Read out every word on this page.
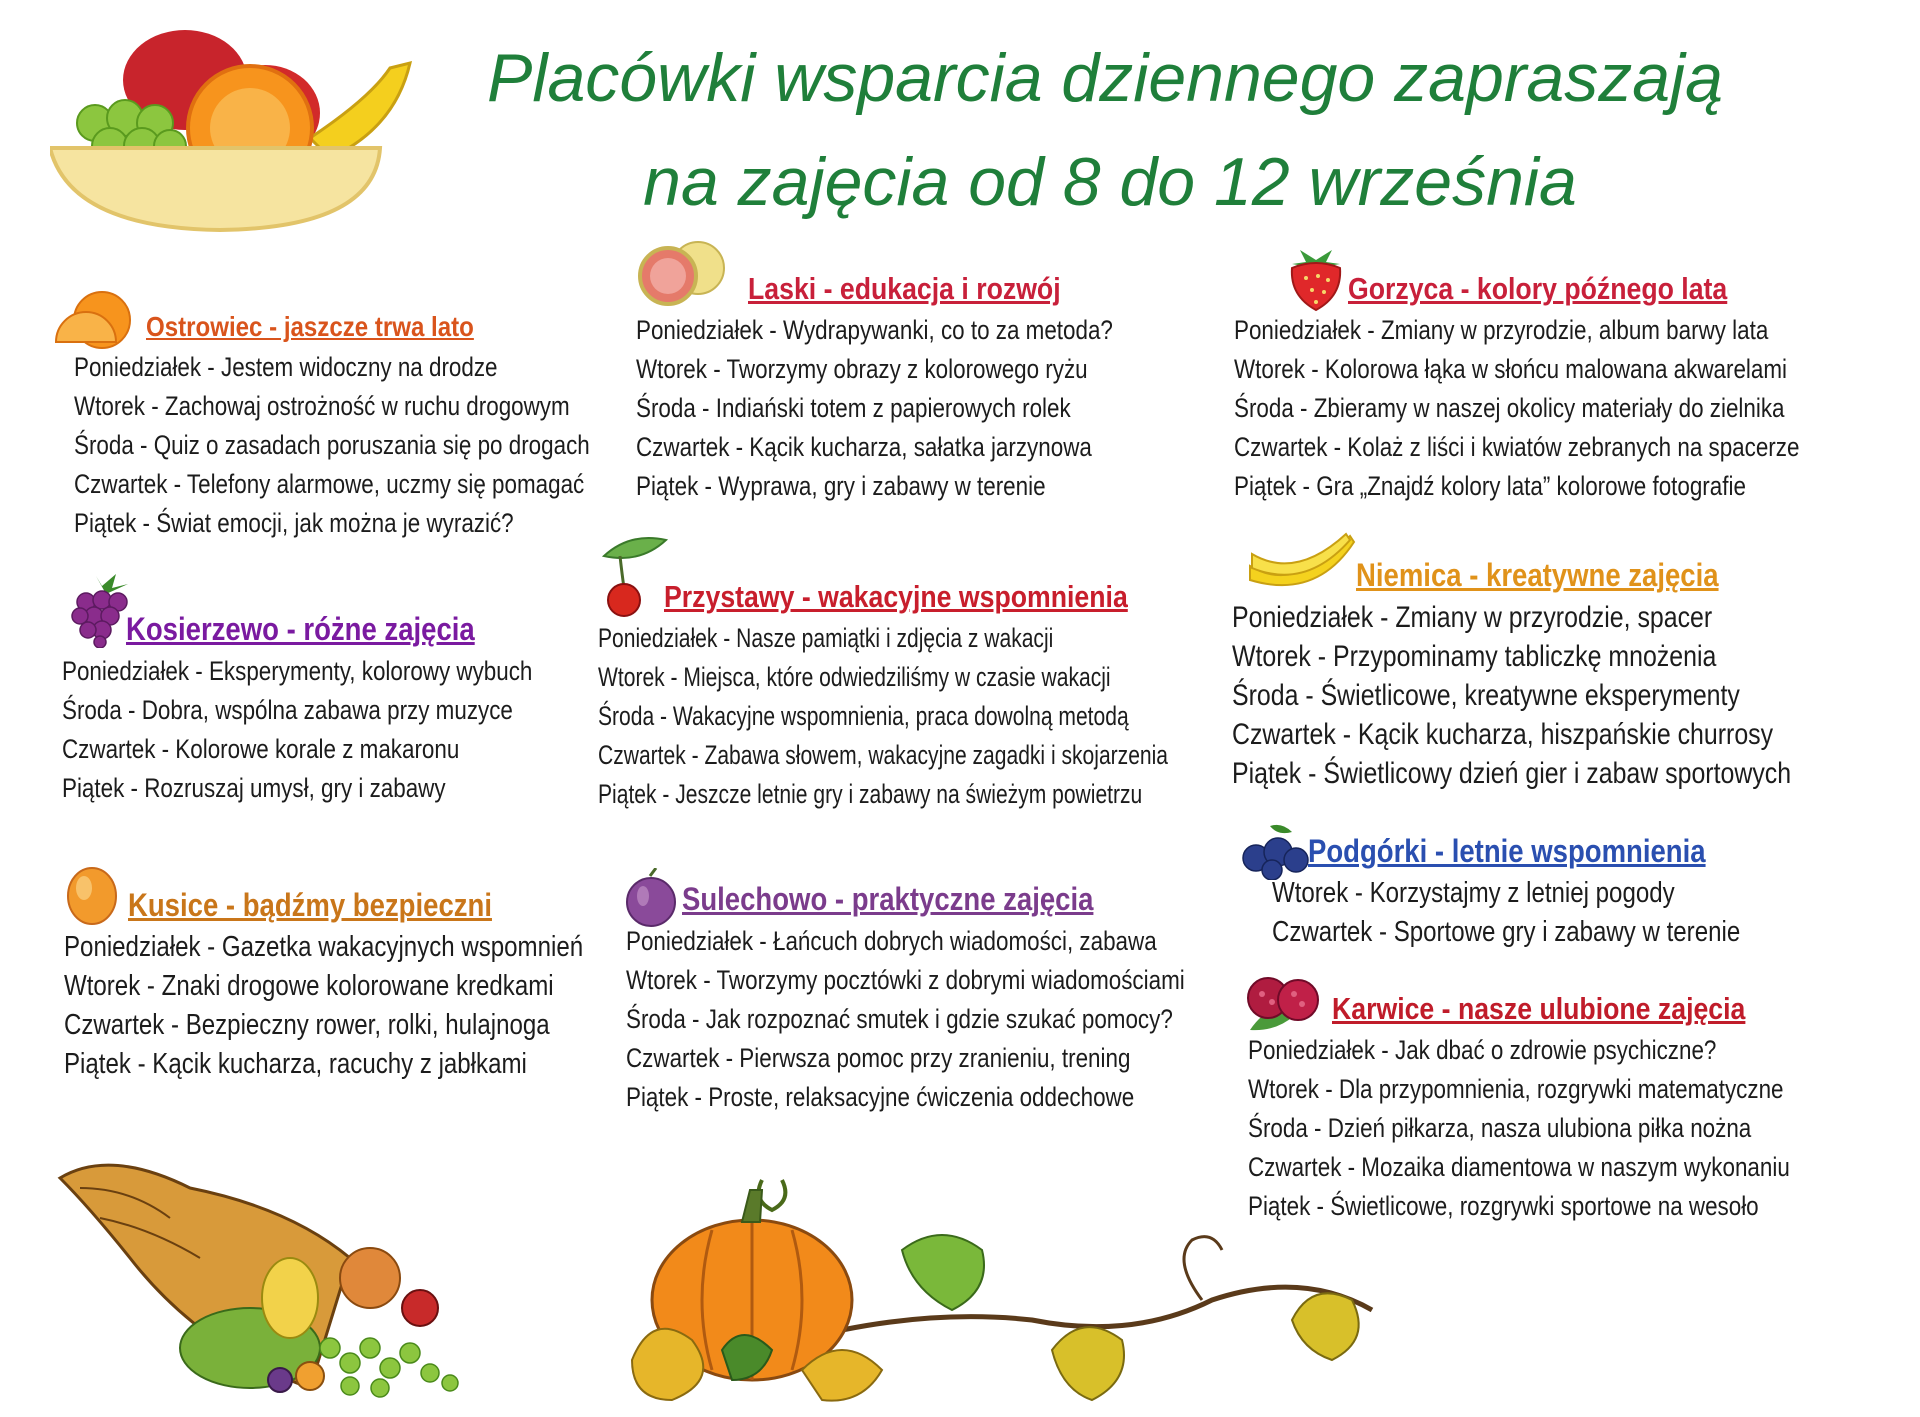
Placówki wsparcia dziennego zapraszają
na zajęcia od 8 do 12 września
Ostrowiec - jaszcze trwa lato
Poniedziałek - Jestem widoczny na drodze
Wtorek - Zachowaj ostrożność w ruchu drogowym
Środa - Quiz o zasadach poruszania się po drogach
Czwartek - Telefony alarmowe, uczmy się pomagać
Piątek - Świat emocji, jak można je wyrazić?
Kosierzewo - różne zajęcia
Poniedziałek - Eksperymenty, kolorowy wybuch
Środa - Dobra, wspólna zabawa przy muzyce
Czwartek - Kolorowe korale z makaronu
Piątek - Rozruszaj umysł, gry i zabawy
Kusice - bądźmy bezpieczni
Poniedziałek - Gazetka wakacyjnych wspomnień
Wtorek - Znaki drogowe kolorowane kredkami
Czwartek - Bezpieczny rower, rolki, hulajnoga
Piątek - Kącik kucharza, racuchy z jabłkami
Laski - edukacja i rozwój
Poniedziałek - Wydrapywanki, co to za metoda?
Wtorek - Tworzymy obrazy z kolorowego ryżu
Środa - Indiański totem z papierowych rolek
Czwartek - Kącik kucharza, sałatka jarzynowa
Piątek - Wyprawa, gry i zabawy w terenie
Przystawy - wakacyjne wspomnienia
Poniedziałek - Nasze pamiątki i zdjęcia z wakacji
Wtorek - Miejsca, które odwiedziliśmy w czasie wakacji
Środa - Wakacyjne wspomnienia, praca dowolną metodą
Czwartek - Zabawa słowem, wakacyjne zagadki i skojarzenia
Piątek - Jeszcze letnie gry i zabawy na świeżym powietrzu
Sulechowo - praktyczne zajęcia
Poniedziałek - Łańcuch dobrych wiadomości, zabawa
Wtorek - Tworzymy pocztówki z dobrymi wiadomościami
Środa - Jak rozpoznać smutek i gdzie szukać pomocy?
Czwartek - Pierwsza pomoc przy zranieniu, trening
Piątek - Proste, relaksacyjne ćwiczenia oddechowe
Gorzyca - kolory późnego lata
Poniedziałek - Zmiany w przyrodzie, album barwy lata
Wtorek - Kolorowa łąka w słońcu malowana akwarelami
Środa - Zbieramy w naszej okolicy materiały do zielnika
Czwartek - Kolaż z liści i kwiatów zebranych na spacerze
Piątek - Gra „Znajdź kolory lata” kolorowe fotografie
Niemica - kreatywne zajęcia
Poniedziałek - Zmiany w przyrodzie, spacer
Wtorek - Przypominamy tabliczkę mnożenia
Środa - Świetlicowe, kreatywne eksperymenty
Czwartek - Kącik kucharza, hiszpańskie churrosy
Piątek - Świetlicowy dzień gier i zabaw sportowych
Podgórki - letnie wspomnienia
Wtorek - Korzystajmy z letniej pogody
Czwartek - Sportowe gry i zabawy w terenie
Karwice - nasze ulubione zajęcia
Poniedziałek - Jak dbać o zdrowie psychiczne?
Wtorek - Dla przypomnienia, rozgrywki matematyczne
Środa - Dzień piłkarza, nasza ulubiona piłka nożna
Czwartek - Mozaika diamentowa w naszym wykonaniu
Piątek - Świetlicowe, rozgrywki sportowe na wesoło
